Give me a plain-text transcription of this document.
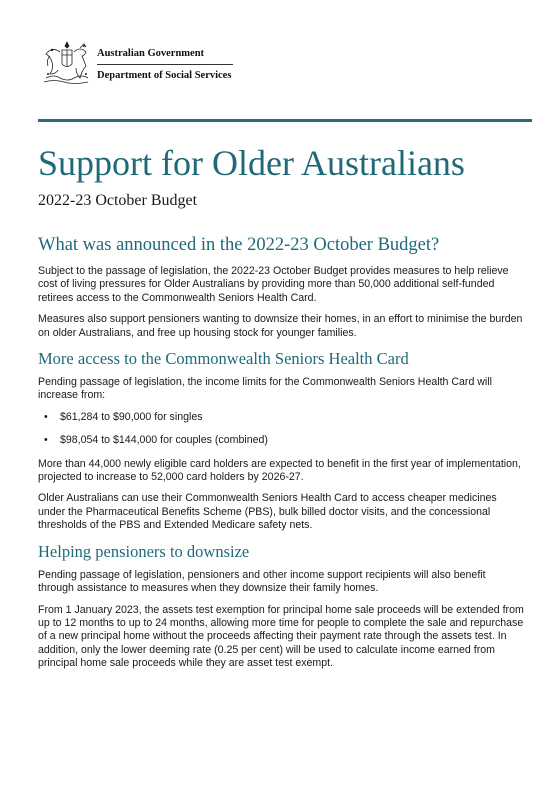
Australian Government
Department of Social Services
Support for Older Australians
2022-23 October Budget
What was announced in the 2022-23 October Budget?

Subject to the passage of legislation, the 2022-23 October Budget provides measures to help relieve cost of living pressures for Older Australians by providing more than 50,000 additional self-funded retirees access to the Commonwealth Seniors Health Card.

Measures also support pensioners wanting to downsize their homes, in an effort to minimise the burden on older Australians, and free up housing stock for younger families.

More access to the Commonwealth Seniors Health Card

Pending passage of legislation, the income limits for the Commonwealth Seniors Health Card will increase from:

• $61,284 to $90,000 for singles
• $98,054 to $144,000 for couples (combined)

More than 44,000 newly eligible card holders are expected to benefit in the first year of implementation, projected to increase to 52,000 card holders by 2026-27.

Older Australians can use their Commonwealth Seniors Health Card to access cheaper medicines under the Pharmaceutical Benefits Scheme (PBS), bulk billed doctor visits, and the concessional thresholds of the PBS and Extended Medicare safety nets.

Helping pensioners to downsize

Pending passage of legislation, pensioners and other income support recipients will also benefit through assistance to measures when they downsize their family homes.

From 1 January 2023, the assets test exemption for principal home sale proceeds will be extended from up to 12 months to up to 24 months, allowing more time for people to complete the sale and repurchase of a new principal home without the proceeds affecting their payment rate through the assets test. In addition, only the lower deeming rate (0.25 per cent) will be used to calculate income earned from principal home sale proceeds while they are asset test exempt.
